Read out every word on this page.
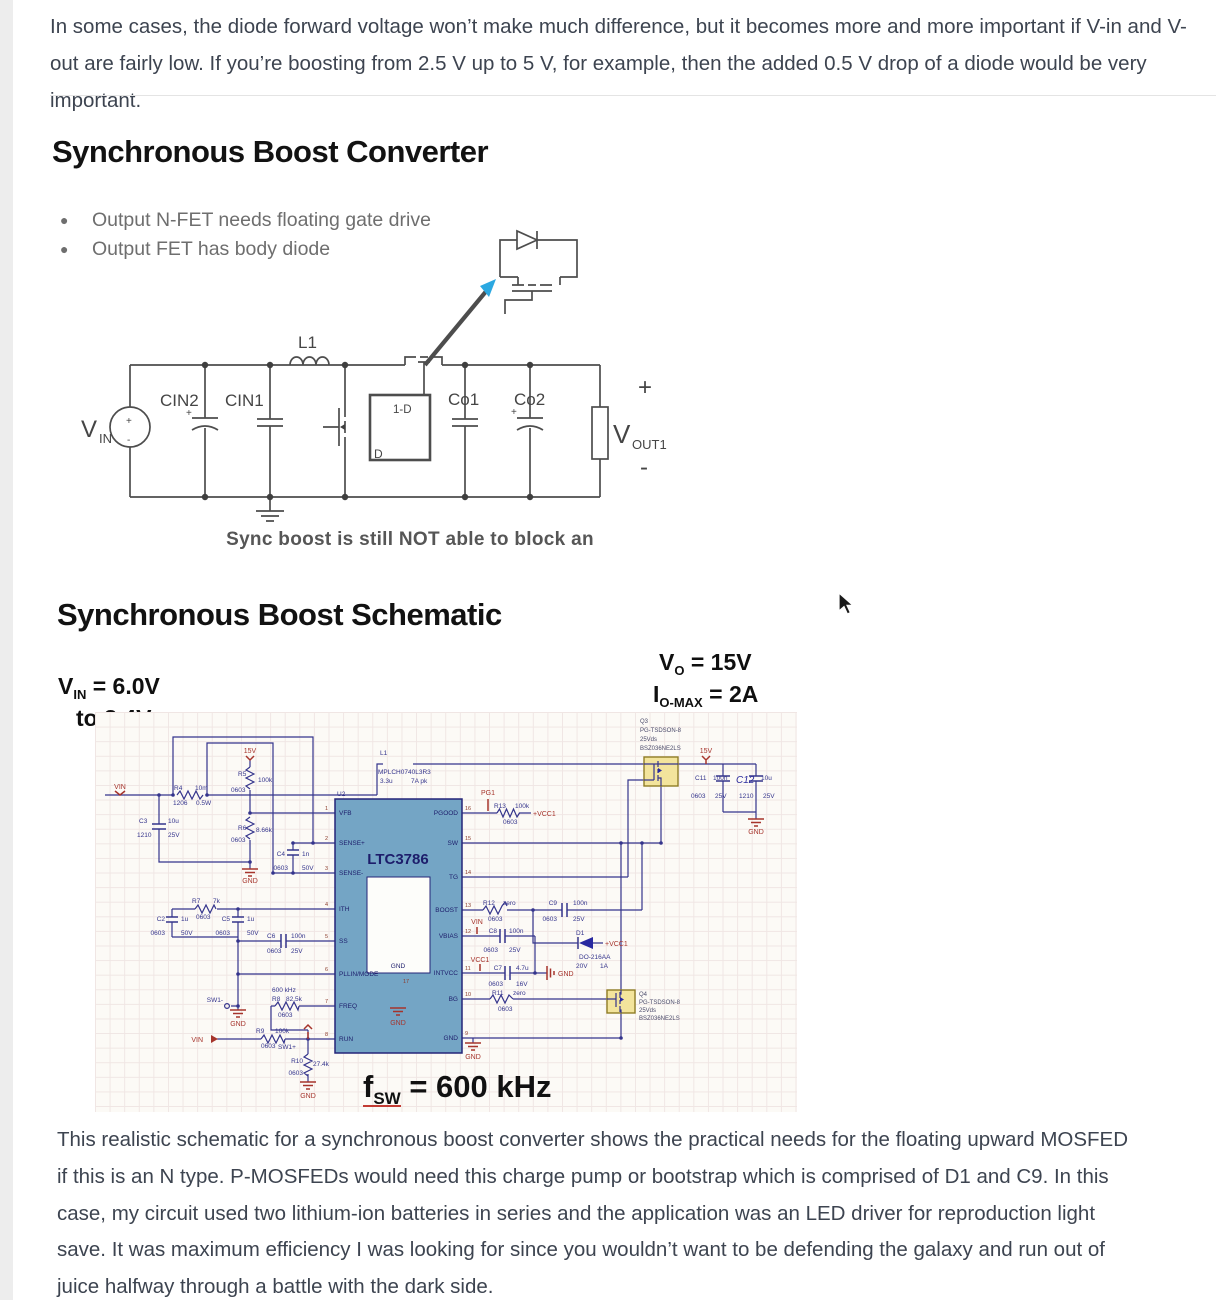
In some cases, the diode forward voltage won’t make much difference, but it becomes more and more important if V-in and V-out are fairly low. If you’re boosting from 2.5 V up to 5 V, for example, then the added 0.5 V drop of a diode would be very important.

Synchronous Boost Converter
● Output N-FET needs floating gate drive
● Output FET has body diode
+
-
V IN
CIN2
+
CIN1
L1
1-D
D
Co1 Co2
+
+
-
V OUT1
Sync boost is still NOT able to block an
Synchronous Boost Schematic
$V_{IN} = 6.0V$
to 8.4V
$V_O = 15V$
$I_{O-MAX} = 2A$
LTC3786
GND
17
U2
VFB
SENSE+
SENSE-
ITH
SS
PLLIN/MODE
FREQ
RUN
1
2
3
4
5
6
7
8
PGOOD
SW
TG
BOOST
VBIAS
INTVCC
BG
GND
16
15
14
13
12
11
10
9
Q3
PG-TSDSON-8
25Vds
BSZ036NE2LS
Q4
PG-TSDSON-8
25Vds
BSZ036NE2LS
VIN
15V	15V
GND
GND
GND
GND
GND
GND
GND
PG1
+VCC1
+VCC1
VCC1
VIN
VIN
SW1-
SW1+
600 kHz
R4 10m
1206 0.5W
C3	10u
1210	25V
R5
100k
0603
R6 8.66k
0603
C4	1n
0603 50V
L1
MPLCH0740L3R3
3.3u	7A pk
R7 7k
0603
C2 1u
0603 50V
C5	1u
0603	50V C6 100n
0603 25V
R8 82.5k
0603
R9 100k
0603
R10 27.4k
0603
R13 100k
0603
R12 zero
0603
C9 100n
0603 25V
D1
DO-216AA
20V 1A
C8 100n
0603 25V
C7 4.7u
0603 16V
R11 zero
0603
C11 100n
0603 25V
C12 10u
1210 25V
$f_{SW} = 600$ kHz

This realistic schematic for a synchronous boost converter shows the practical needs for the floating upward MOSFED if this is an N type. P-MOSFEDs would need this charge pump or bootstrap which is comprised of D1 and C9. In this case, my circuit used two lithium-ion batteries in series and the application was an LED driver for reproduction light save. It was maximum efficiency I was looking for since you wouldn’t want to be defending the galaxy and run out of juice halfway through a battle with the dark side.
